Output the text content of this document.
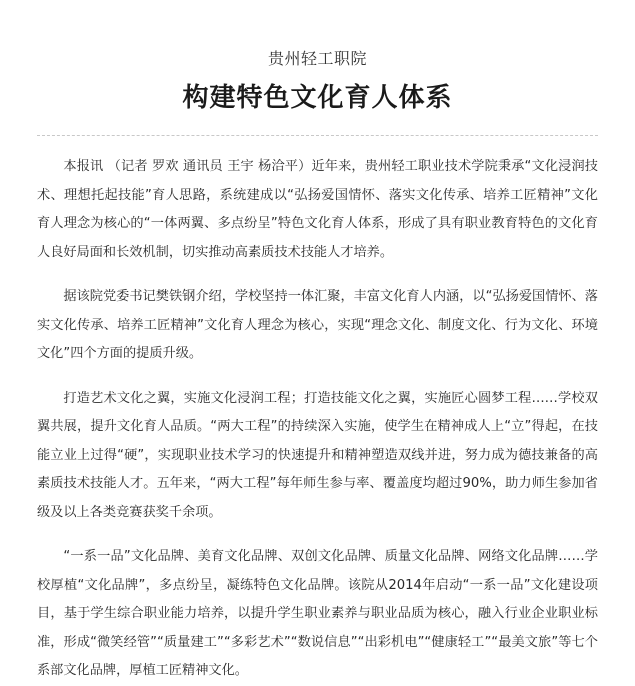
贵州轻工职院
构建特色文化育人体系

本报讯 （记者 罗欢 通讯员 王宇 杨洽平）近年来，贵州轻工职业技术学院秉承“文化浸润技术、理想托起技能”育人思路，系统建成以“弘扬爱国情怀、落实文化传承、培养工匠精神”文化育人理念为核心的“一体两翼、多点纷呈”特色文化育人体系，形成了具有职业教育特色的文化育人良好局面和长效机制，切实推动高素质技术技能人才培养。

据该院党委书记樊铁钢介绍，学校坚持一体汇聚，丰富文化育人内涵，以“弘扬爱国情怀、落实文化传承、培养工匠精神”文化育人理念为核心，实现“理念文化、制度文化、行为文化、环境文化”四个方面的提质升级。

打造艺术文化之翼，实施文化浸润工程；打造技能文化之翼，实施匠心圆梦工程……学校双翼共展，提升文化育人品质。“两大工程”的持续深入实施，使学生在精神成人上“立”得起，在技能立业上过得“硬”，实现职业技术学习的快速提升和精神塑造双线并进，努力成为德技兼备的高素质技术技能人才。五年来，“两大工程”每年师生参与率、覆盖度均超过90%，助力师生参加省级及以上各类竞赛获奖千余项。

“一系一品”文化品牌、美育文化品牌、双创文化品牌、质量文化品牌、网络文化品牌……学校厚植“文化品牌”，多点纷呈，凝练特色文化品牌。该院从2014年启动“一系一品”文化建设项目，基于学生综合职业能力培养，以提升学生职业素养与职业品质为核心，融入行业企业职业标准，形成“微笑经管”“质量建工”“多彩艺术”“数说信息”“出彩机电”“健康轻工”“最美文旅”等七个系部文化品牌，厚植工匠精神文化。
